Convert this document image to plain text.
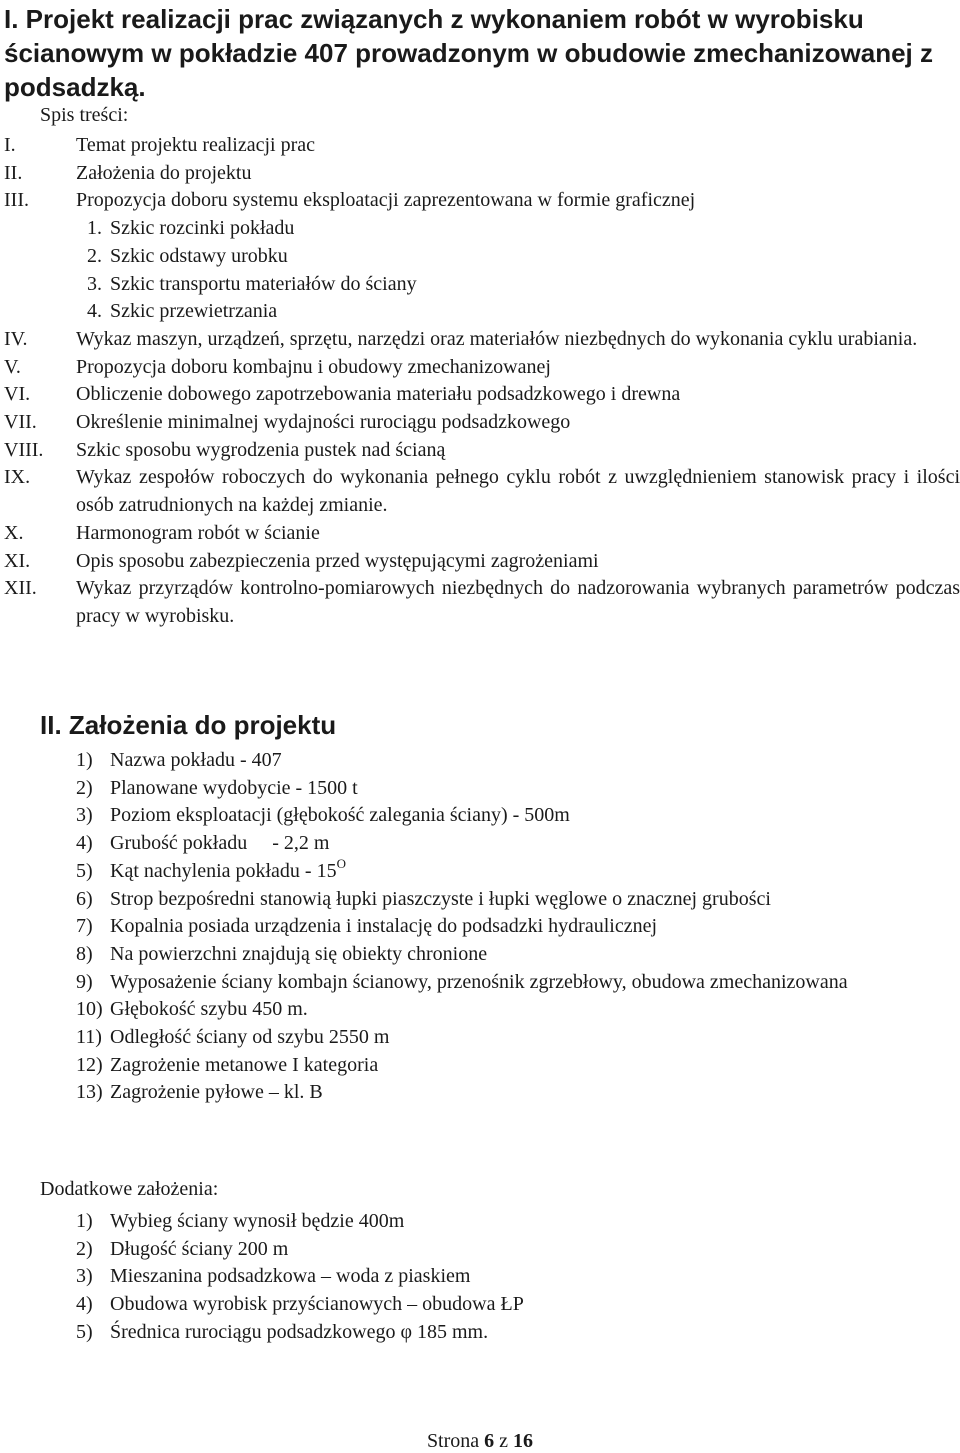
I. Projekt realizacji prac związanych z wykonaniem robót w wyrobisku ścianowym w pokładzie 407 prowadzonym w obudowie zmechanizowanej z podsadzką.
Spis treści:
I.	Temat projektu realizacji prac
II.	Założenia do projektu
III.	Propozycja doboru systemu eksploatacji zaprezentowana w formie graficznej
1. Szkic rozcinki pokładu
2. Szkic odstawy urobku
3. Szkic transportu materiałów do ściany
4. Szkic przewietrzania
IV.	Wykaz maszyn, urządzeń, sprzętu, narzędzi oraz materiałów niezbędnych do wykonania cyklu urabiania.
V.	Propozycja doboru kombajnu i obudowy zmechanizowanej
VI.	Obliczenie dobowego zapotrzebowania materiału podsadzkowego i drewna
VII.	Określenie minimalnej wydajności rurociągu podsadzkowego
VIII.	Szkic sposobu wygrodzenia pustek nad ścianą
IX.	Wykaz zespołów roboczych do wykonania pełnego cyklu robót z uwzględnieniem stanowisk pracy i ilości osób zatrudnionych na każdej zmianie.
X.	Harmonogram robót w ścianie
XI.	Opis sposobu zabezpieczenia przed występującymi zagrożeniami
XII.	Wykaz przyrządów kontrolno-pomiarowych niezbędnych do nadzorowania wybranych parametrów podczas pracy w wyrobisku.
II. Założenia do projektu
1) Nazwa pokładu - 407
2) Planowane wydobycie - 1500 t
3) Poziom eksploatacji (głębokość zalegania ściany) - 500m
4) Grubość pokładu     - 2,2 m
5) Kąt nachylenia pokładu - $15^O$
6) Strop bezpośredni stanowią łupki piaszczyste i łupki węglowe o znacznej grubości
7) Kopalnia posiada urządzenia i instalację do podsadzki hydraulicznej
8) Na powierzchni znajdują się obiekty chronione
9) Wyposażenie ściany kombajn ścianowy, przenośnik zgrzebłowy, obudowa zmechanizowana
10) Głębokość szybu 450 m.
11) Odległość ściany od szybu 2550 m
12) Zagrożenie metanowe I kategoria
13) Zagrożenie pyłowe – kl. B
Dodatkowe założenia:
1) Wybieg ściany wynosił będzie 400m
2) Długość ściany 200 m
3) Mieszanina podsadzkowa – woda z piaskiem
4) Obudowa wyrobisk przyścianowych – obudowa ŁP
5) Średnica rurociągu podsadzkowego φ 185 mm.
Strona 6 z 16
